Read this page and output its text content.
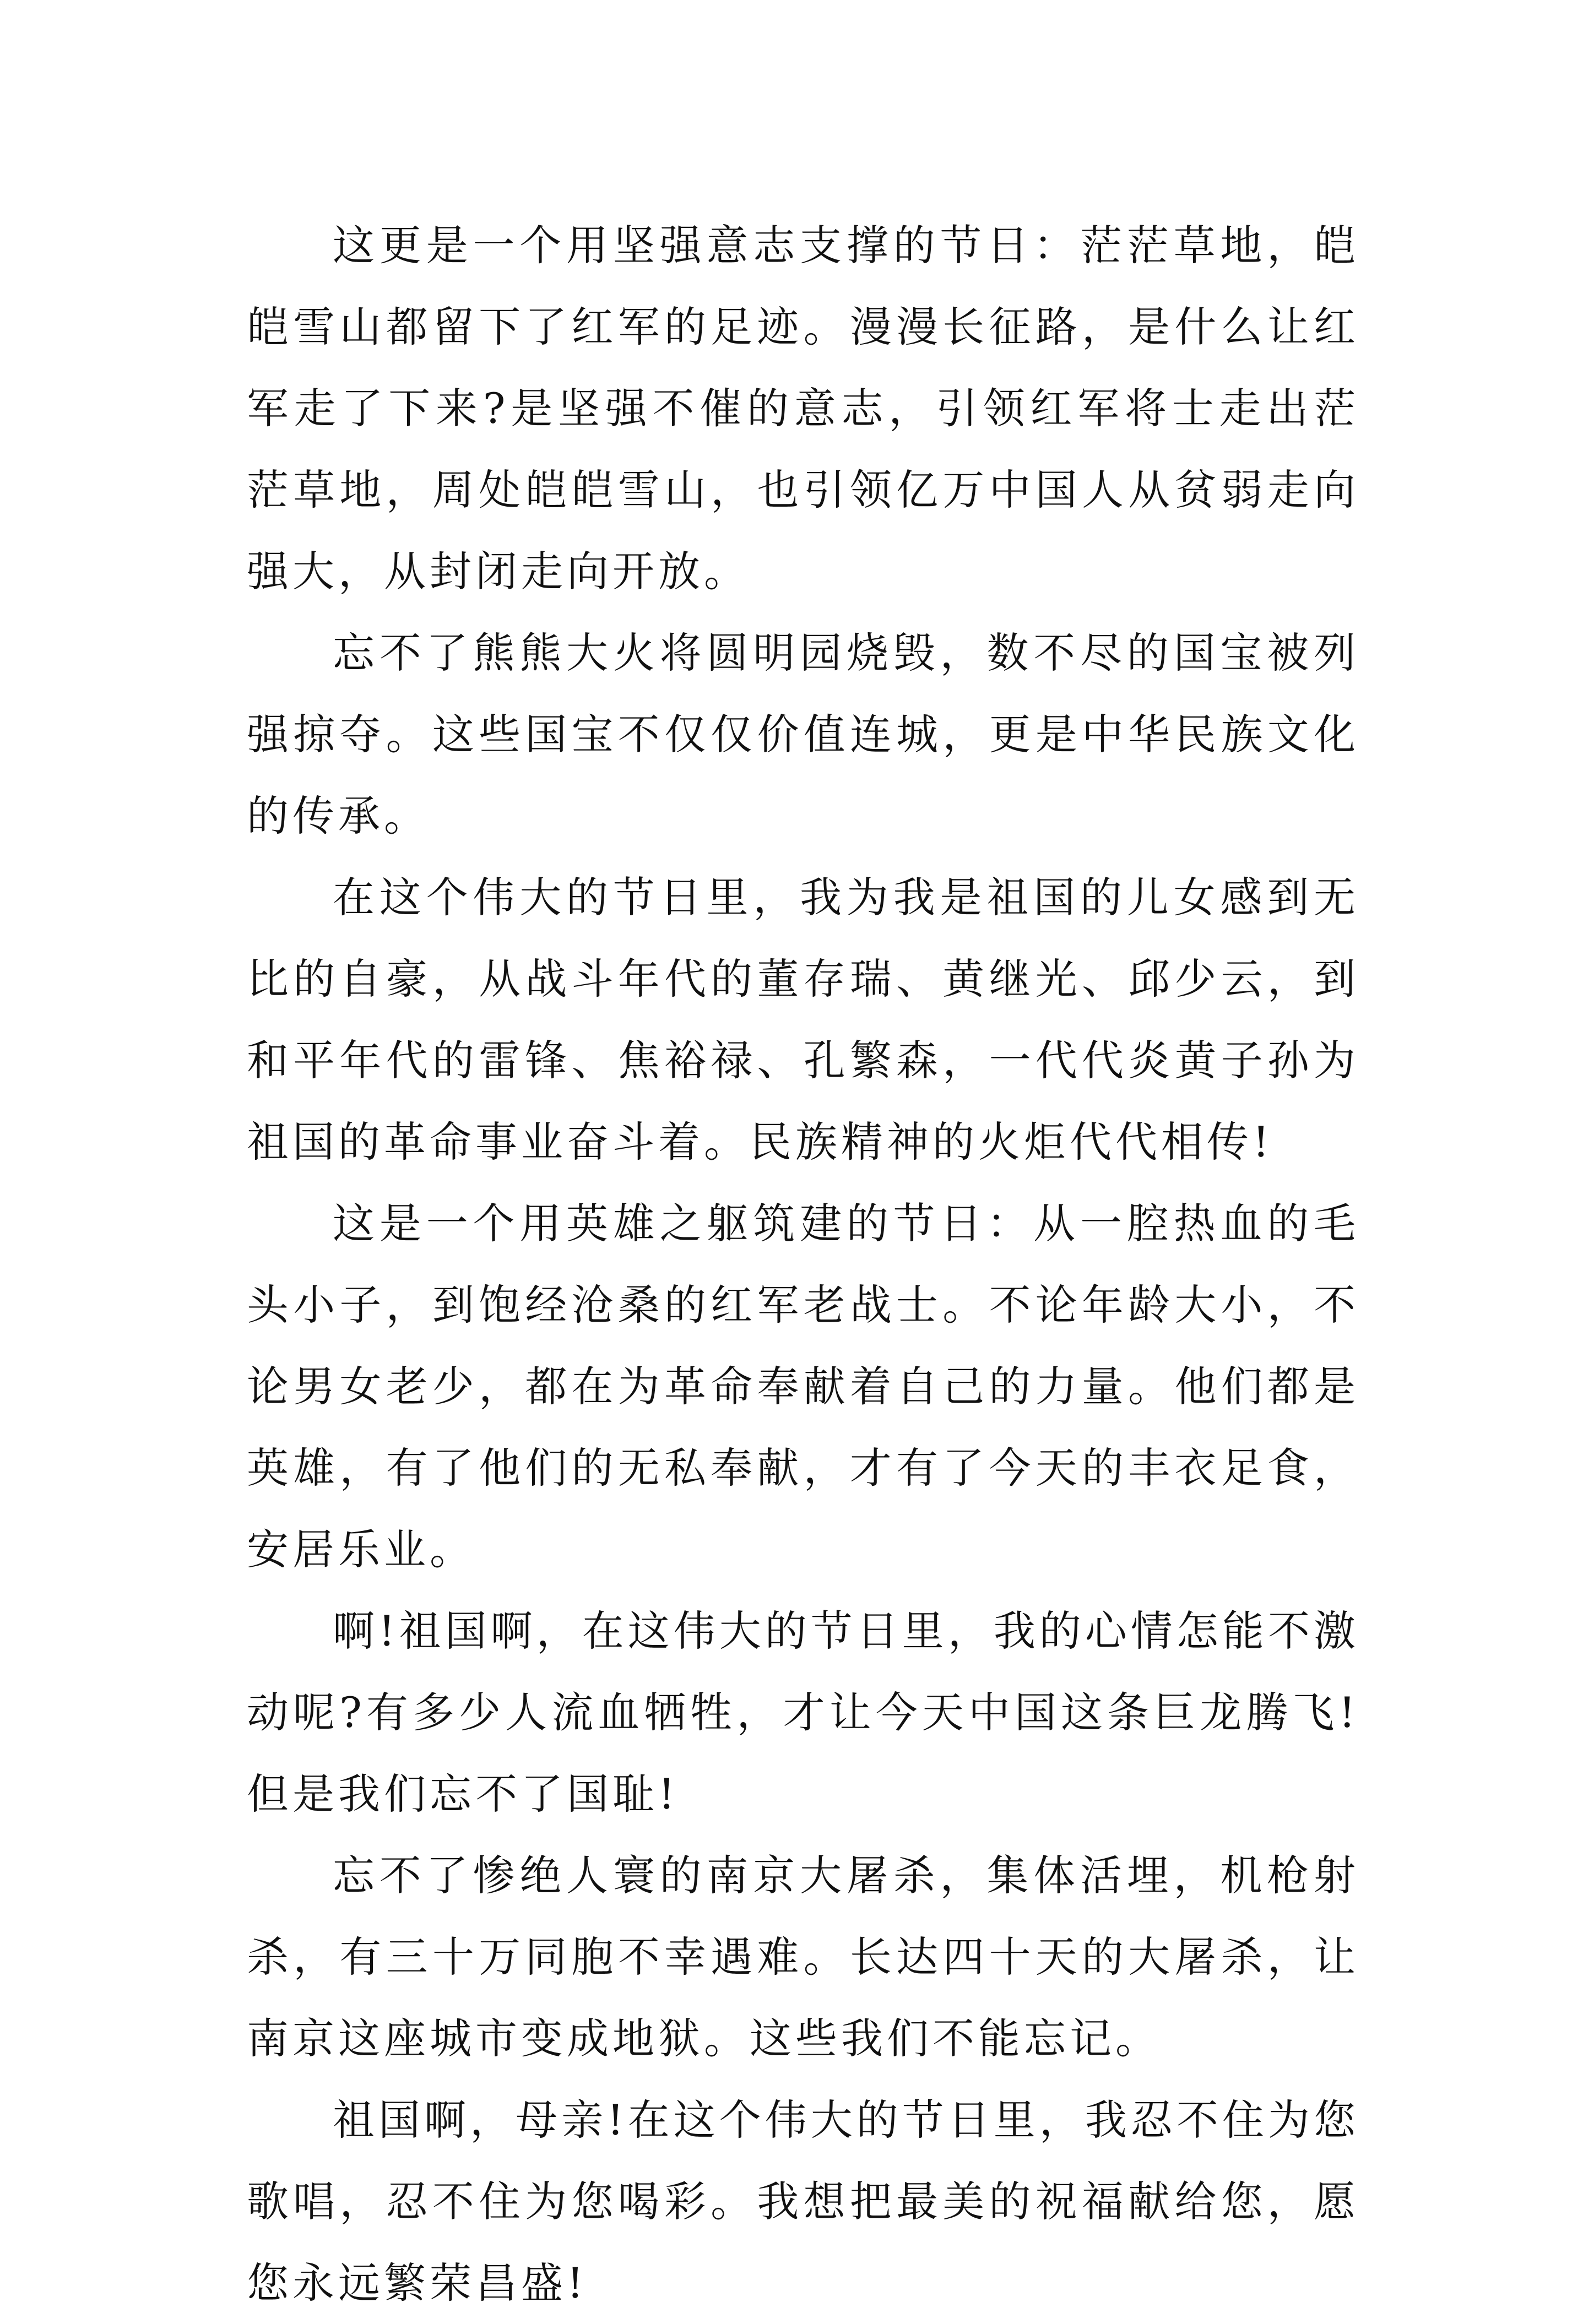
这更是一个用坚强意志支撑的节日：茫茫草地，皑皑雪山都留下了红军的足迹。漫漫长征路，是什么让红军走了下来?是坚强不催的意志，引领红军将士走出茫茫草地，周处皑皑雪山，也引领亿万中国人从贫弱走向强大，从封闭走向开放。

忘不了熊熊大火将圆明园烧毁，数不尽的国宝被列强掠夺。这些国宝不仅仅价值连城，更是中华民族文化的传承。

在这个伟大的节日里，我为我是祖国的儿女感到无比的自豪，从战斗年代的董存瑞、黄继光、邱少云，到和平年代的雷锋、焦裕禄、孔繁森，一代代炎黄子孙为祖国的革命事业奋斗着。民族精神的火炬代代相传!

这是一个用英雄之躯筑建的节日：从一腔热血的毛头小子，到饱经沧桑的红军老战士。不论年龄大小，不论男女老少，都在为革命奉献着自己的力量。他们都是英雄，有了他们的无私奉献，才有了今天的丰衣足食，安居乐业。

啊!祖国啊，在这伟大的节日里，我的心情怎能不激动呢?有多少人流血牺牲，才让今天中国这条巨龙腾飞!但是我们忘不了国耻!

忘不了惨绝人寰的南京大屠杀，集体活埋，机枪射杀，有三十万同胞不幸遇难。长达四十天的大屠杀，让南京这座城市变成地狱。这些我们不能忘记。

祖国啊，母亲!在这个伟大的节日里，我忍不住为您歌唱，忍不住为您喝彩。我想把最美的祝福献给您，愿您永远繁荣昌盛!
